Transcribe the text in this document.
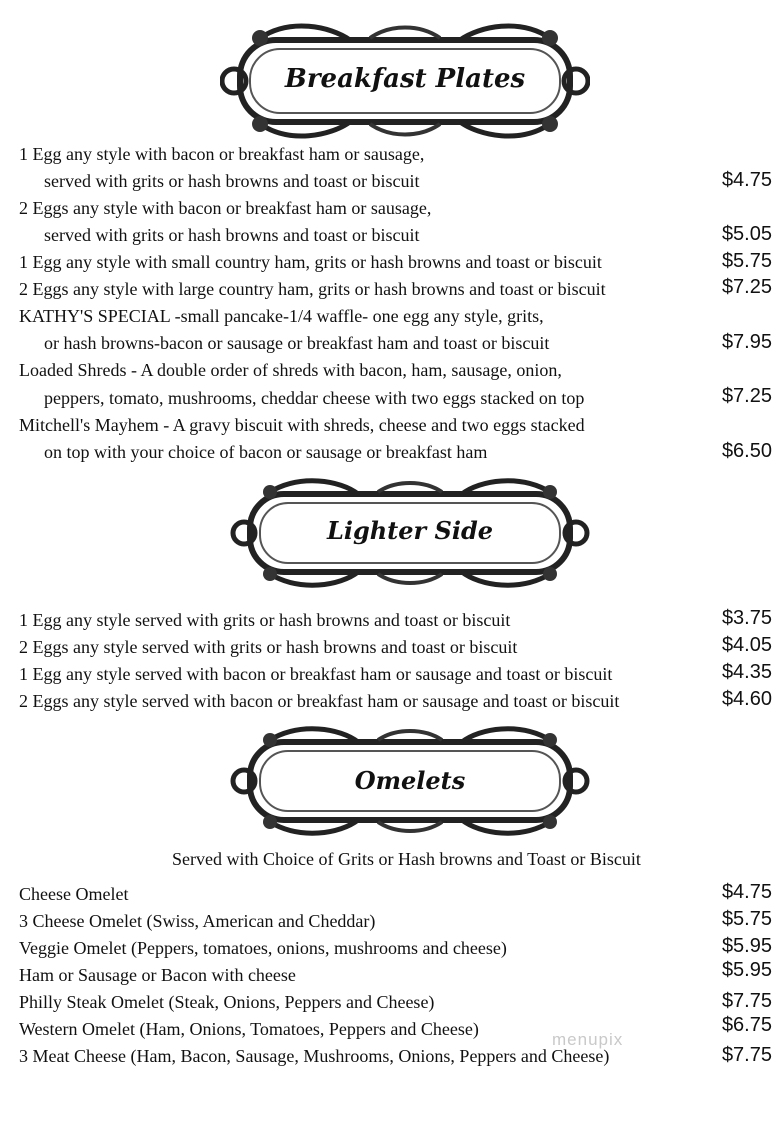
Breakfast Plates
1 Egg any style with bacon or breakfast ham or sausage,
served with grits or hash browns and toast or biscuit	$4.75
2 Eggs any style with bacon or breakfast ham or sausage,
served with grits or hash browns and toast or biscuit	$5.05
1 Egg any style with small country ham, grits or hash browns and toast or biscuit	$5.75
2 Eggs any style with large country ham, grits or hash browns and toast or biscuit	$7.25
KATHY'S SPECIAL -small pancake-1/4 waffle- one egg any style, grits,
or hash browns-bacon or sausage or breakfast ham and toast or biscuit	$7.95
Loaded Shreds - A double order of shreds with bacon, ham, sausage, onion,
peppers, tomato, mushrooms, cheddar cheese with two eggs stacked on top	$7.25
Mitchell's Mayhem - A gravy biscuit with shreds, cheese and two eggs stacked
on top with your choice of bacon or sausage or breakfast ham	$6.50
Lighter Side
1 Egg any style served with grits or hash browns and toast or biscuit	$3.75
2 Eggs any style served with grits or hash browns and toast or biscuit	$4.05
1 Egg any style served with bacon or breakfast ham or sausage and toast or biscuit	$4.35
2 Eggs any style served with bacon or breakfast ham or sausage and toast or biscuit	$4.60
Omelets
Served with Choice of Grits or Hash browns and Toast or Biscuit
Cheese Omelet	$4.75
3 Cheese Omelet (Swiss, American and Cheddar)	$5.75
Veggie Omelet (Peppers, tomatoes, onions, mushrooms and cheese)	$5.95
Ham or Sausage or Bacon with cheese	$5.95
Philly Steak Omelet (Steak, Onions, Peppers and Cheese)	$7.75
Western Omelet (Ham, Onions, Tomatoes, Peppers and Cheese)	$6.75
3 Meat Cheese (Ham, Bacon, Sausage, Mushrooms, Onions, Peppers and Cheese)	$7.75
menupix
